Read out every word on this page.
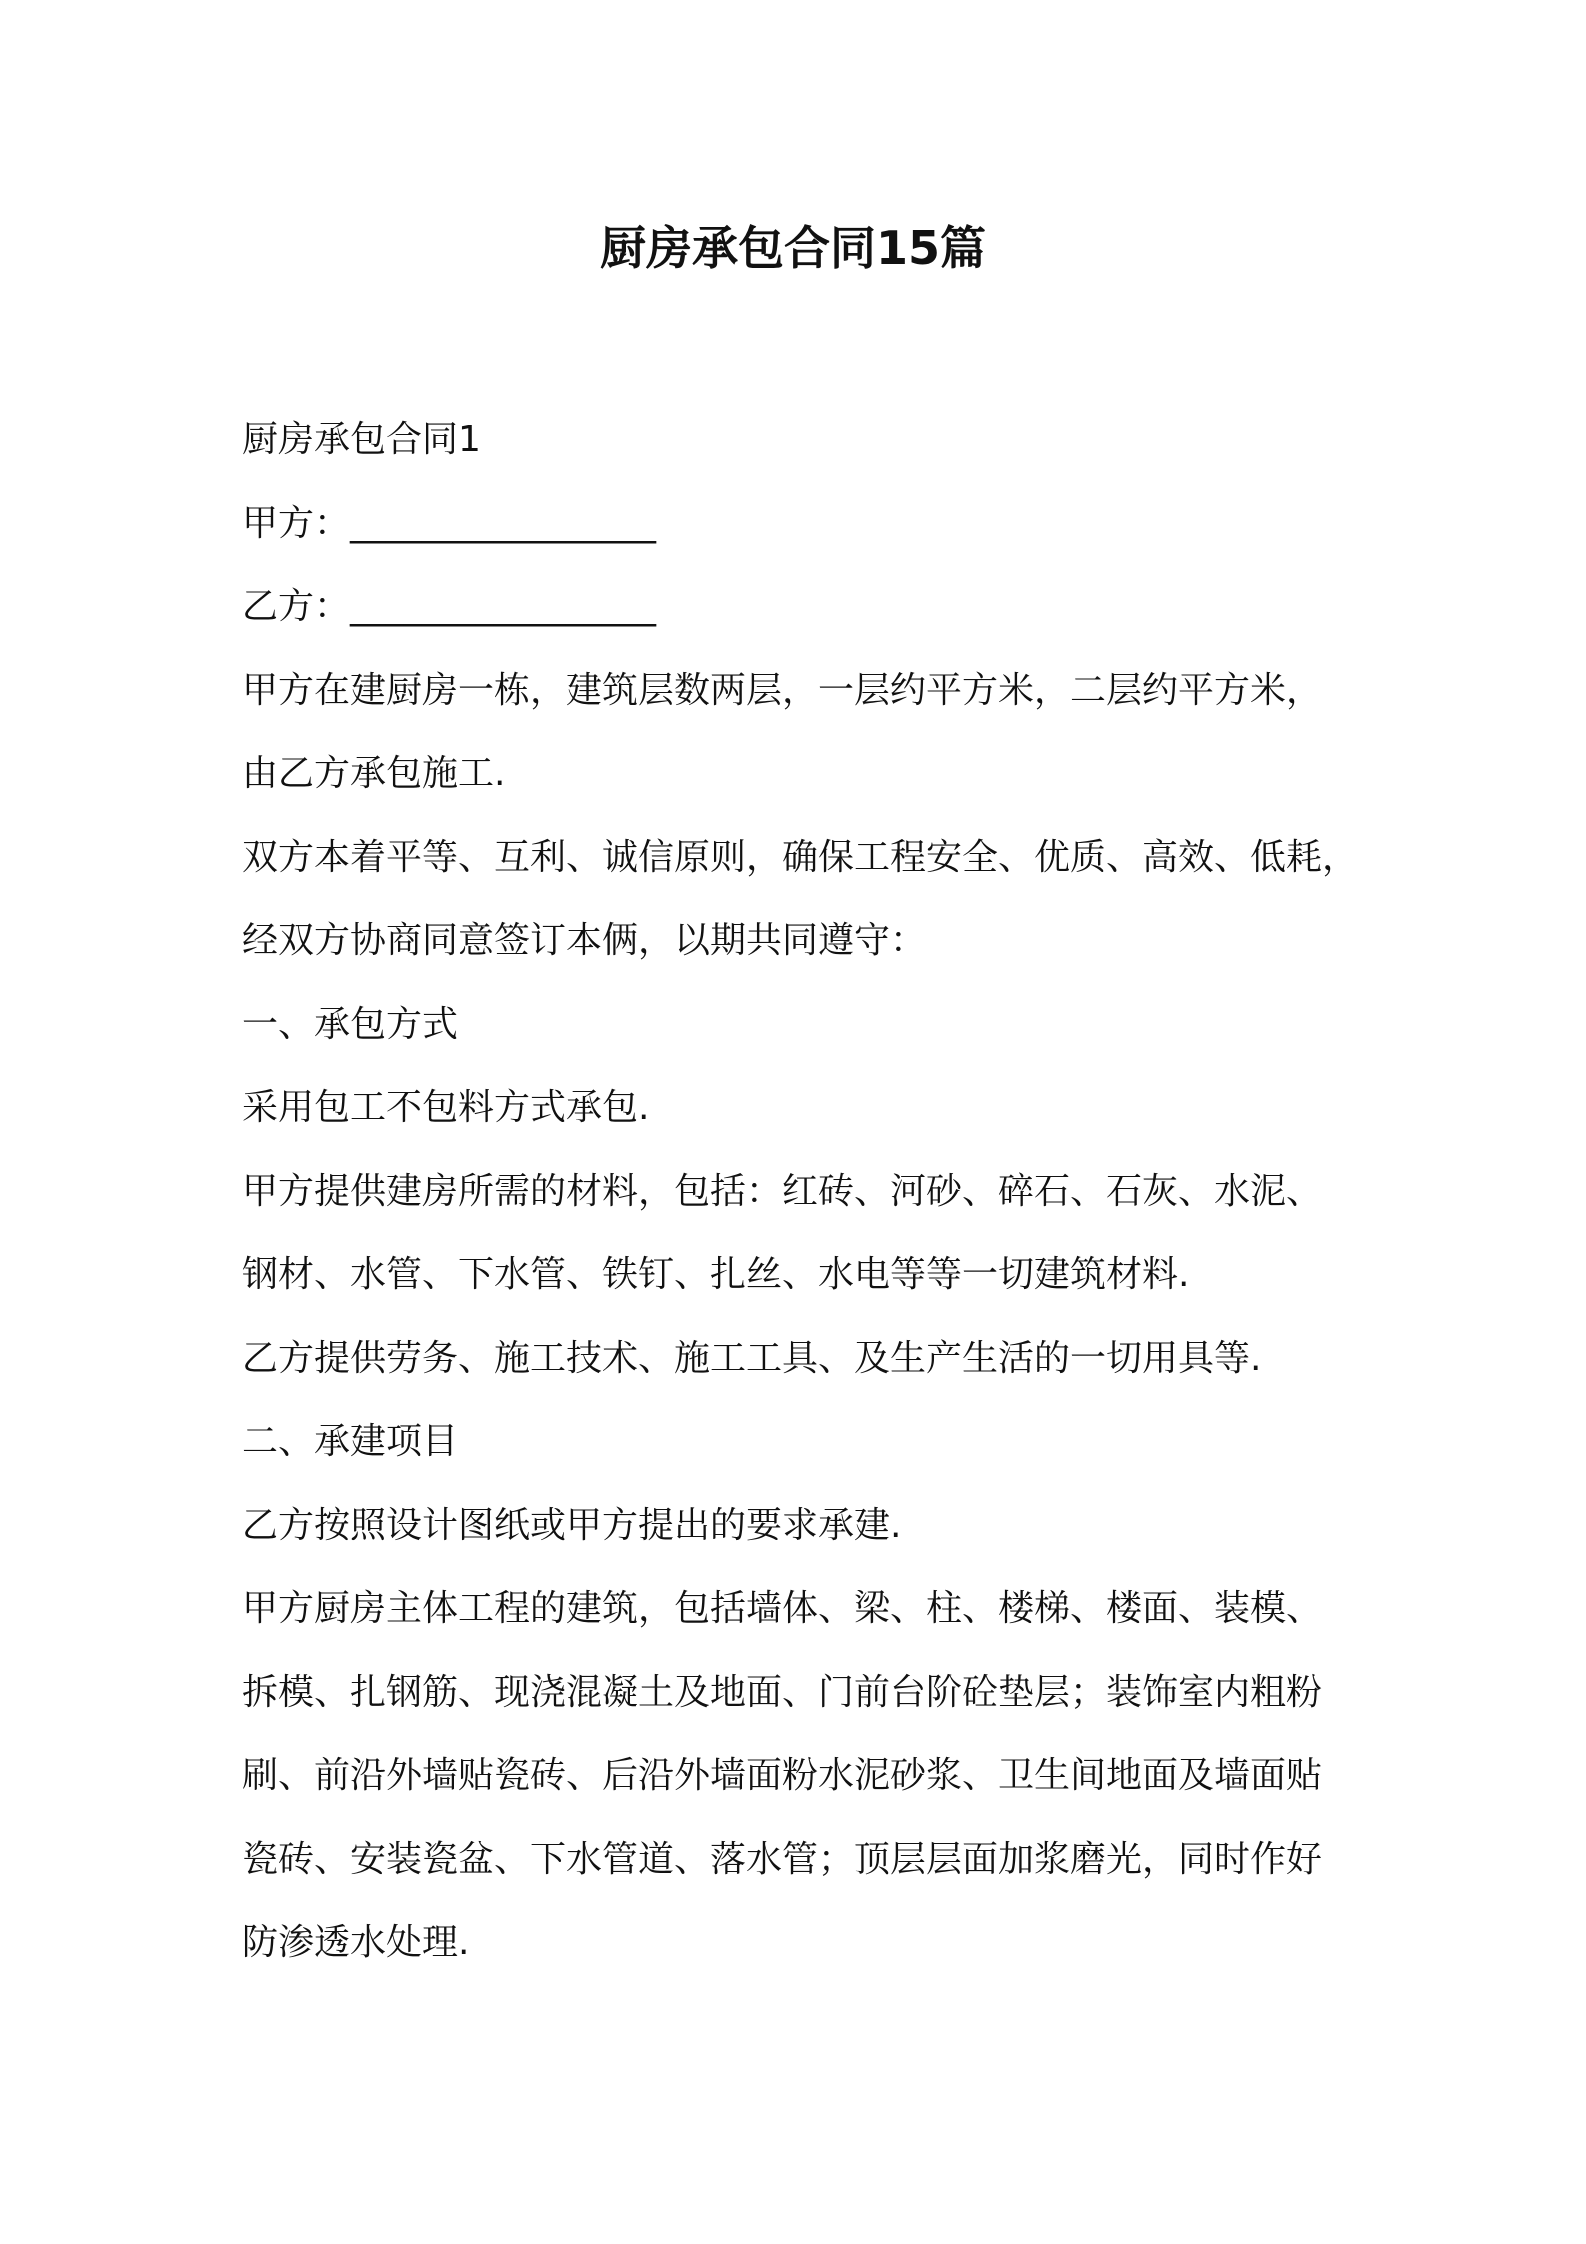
厨房承包合同15篇

厨房承包合同1

甲方：_________________

乙方：_________________

甲方在建厨房一栋，建筑层数两层，一层约平方米，二层约平方米，

由乙方承包施工.

双方本着平等、互利、诚信原则，确保工程安全、优质、高效、低耗，

经双方协商同意签订本俩，以期共同遵守：

一、承包方式

采用包工不包料方式承包.

甲方提供建房所需的材料，包括：红砖、河砂、碎石、石灰、水泥、

钢材、水管、下水管、铁钉、扎丝、水电等等一切建筑材料.

乙方提供劳务、施工技术、施工工具、及生产生活的一切用具等.

二、承建项目

乙方按照设计图纸或甲方提出的要求承建.

甲方厨房主体工程的建筑，包括墙体、梁、柱、楼梯、楼面、装模、

拆模、扎钢筋、现浇混凝土及地面、门前台阶砼垫层；装饰室内粗粉

刷、前沿外墙贴瓷砖、后沿外墙面粉水泥砂浆、卫生间地面及墙面贴

瓷砖、安装瓷盆、下水管道、落水管；顶层层面加浆磨光，同时作好

防渗透水处理.
